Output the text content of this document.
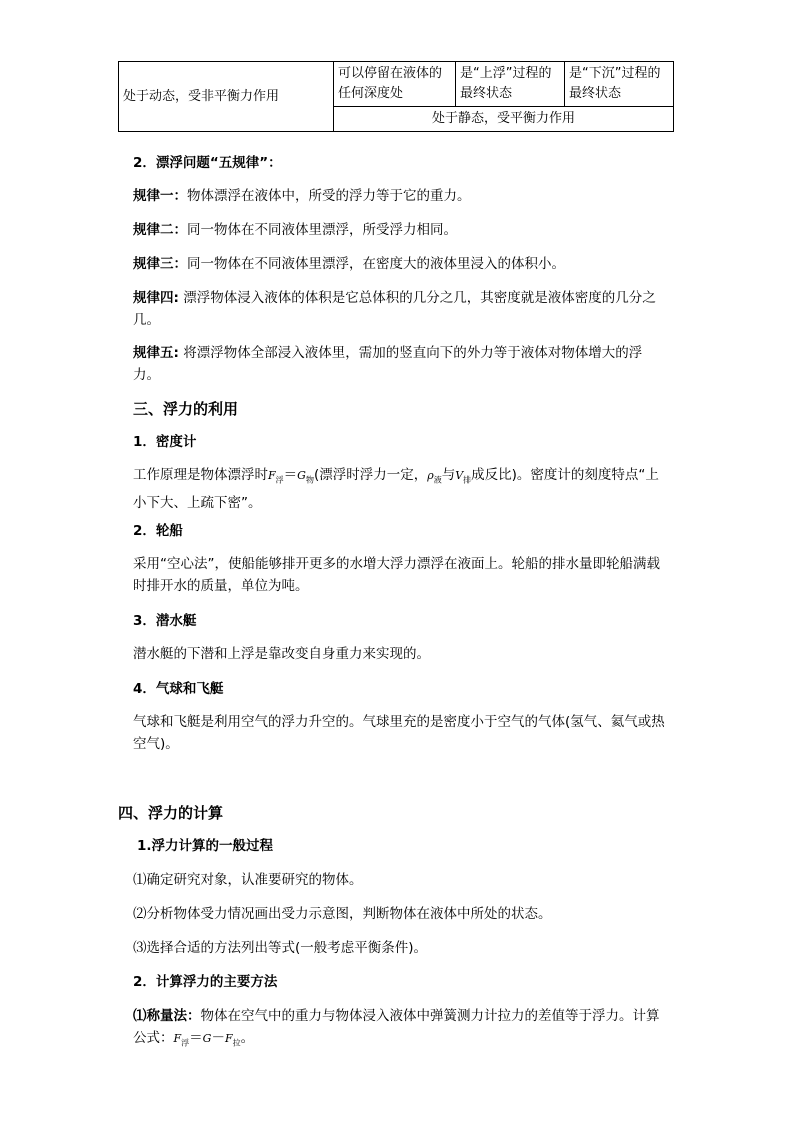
处于动态，受非平衡力作用	可以停留在液体的任何深度处	是“上浮”过程的最终状态	是“下沉”过程的最终状态
处于静态，受平衡力作用

2．漂浮问题“五规律”：

规律一：物体漂浮在液体中，所受的浮力等于它的重力。

规律二：同一物体在不同液体里漂浮，所受浮力相同。

规律三：同一物体在不同液体里漂浮，在密度大的液体里浸入的体积小。

规律四: 漂浮物体浸入液体的体积是它总体积的几分之几，其密度就是液体密度的几分之几。

规律五: 将漂浮物体全部浸入液体里，需加的竖直向下的外力等于液体对物体增大的浮力。

三、浮力的利用

1．密度计

工作原理是物体漂浮时$F_浮=G_物$(漂浮时浮力一定，$\rho_液$与$V_排$成反比)。密度计的刻度特点“上小下大、上疏下密”。

2．轮船

采用“空心法”，使船能够排开更多的水增大浮力漂浮在液面上。轮船的排水量即轮船满载时排开水的质量，单位为吨。

3．潜水艇

潜水艇的下潜和上浮是靠改变自身重力来实现的。

4．气球和飞艇

气球和飞艇是利用空气的浮力升空的。气球里充的是密度小于空气的气体(氢气、氦气或热空气)。

四、浮力的计算

1.浮力计算的一般过程

⑴确定研究对象，认准要研究的物体。

⑵分析物体受力情况画出受力示意图，判断物体在液体中所处的状态。

⑶选择合适的方法列出等式(一般考虑平衡条件)。

2．计算浮力的主要方法

⑴称量法：物体在空气中的重力与物体浸入液体中弹簧测力计拉力的差值等于浮力。计算公式：$F_浮=G-F_拉$。
